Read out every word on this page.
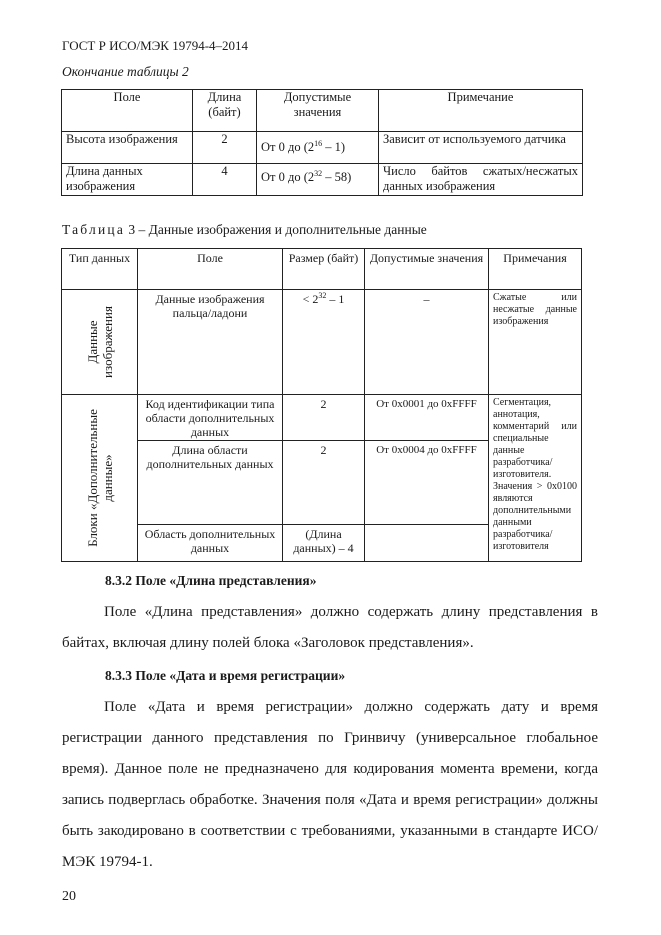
ГОСТ Р ИСО/МЭК 19794-4–2014
Окончание таблицы 2
Поле	Длина (байт)	Допустимые значения	Примечание
Высота изображения	2	От 0 до $(2^{16} - 1)$	Зависит от используемого датчика
Длина данных изображения	4	От 0 до $(2^{32} - 58)$	Число байтов сжатых/несжатых данных изображения
Таблица 3 – Данные изображения и дополнительные данные
Тип данных	Поле	Размер (байт)	Допустимые значения	Примечания

Данные изображения	Данные изображения пальца/ладони	< $2^{32} - 1$	–	Сжатые или несжатые данные изображения

Блоки «Дополнительные данные»	Код идентификации типа области дополнительных данных	2	От 0x0001 до 0xFFFF	Сегментация, аннотация, комментарий или специальные данные разработчика/изготовителя. Значения > 0x0100 являются дополнительными данными разработчика/изготовителя
	Длина области дополнительных данных	2	От 0x0004 до 0xFFFF	
	Область дополнительных данных	(Длина данных) – 4		
8.3.2 Поле «Длина представления»
Поле «Длина представления» должно содержать длину представления в байтах, включая длину полей блока «Заголовок представления».
8.3.3 Поле «Дата и время регистрации»
Поле «Дата и время регистрации» должно содержать дату и время регистрации данного представления по Гринвичу (универсальное глобальное время). Данное поле не предназначено для кодирования момента времени, когда запись подверглась обработке. Значения поля «Дата и время регистрации» должны быть закодировано в соответствии с требованиями, указанными в стандарте ИСО/МЭК 19794-1.
20
